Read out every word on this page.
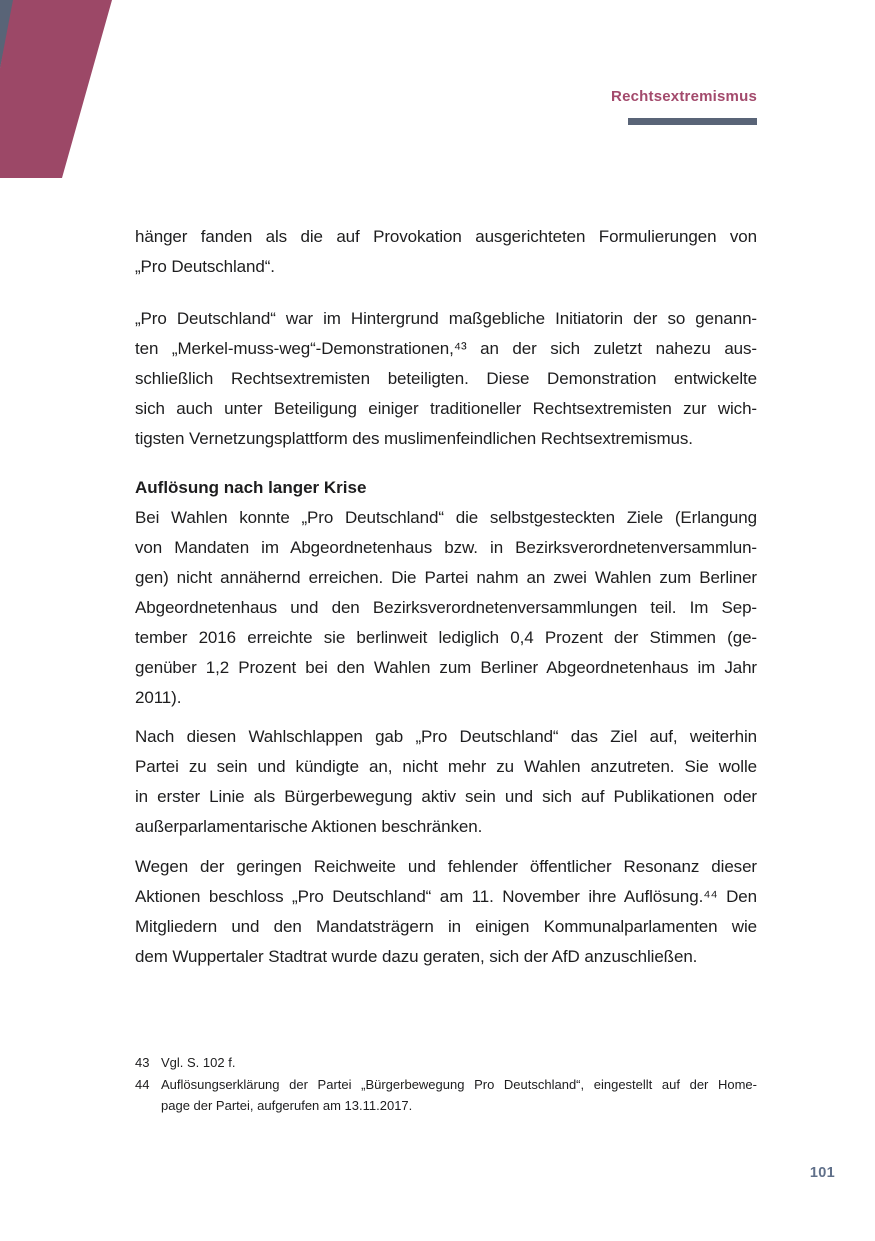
Rechtsextremismus
hänger fanden als die auf Provokation ausgerichteten Formulierungen von
„Pro Deutschland“.
„Pro Deutschland“ war im Hintergrund maßgebliche Initiatorin der so genann-
ten „Merkel-muss-weg“-Demonstrationen,⁴³ an der sich zuletzt nahezu aus-
schließlich Rechtsextremisten beteiligten. Diese Demonstration entwickelte
sich auch unter Beteiligung einiger traditioneller Rechtsextremisten zur wich-
tigsten Vernetzungsplattform des muslimenfeindlichen Rechtsextremismus.
Auflösung nach langer Krise
Bei Wahlen konnte „Pro Deutschland“ die selbstgesteckten Ziele (Erlangung
von Mandaten im Abgeordnetenhaus bzw. in Bezirksverordnetenversammlun-
gen) nicht annähernd erreichen. Die Partei nahm an zwei Wahlen zum Berliner
Abgeordnetenhaus und den Bezirksverordnetenversammlungen teil. Im Sep-
tember 2016 erreichte sie berlinweit lediglich 0,4 Prozent der Stimmen (ge-
genüber 1,2 Prozent bei den Wahlen zum Berliner Abgeordnetenhaus im Jahr
2011).
Nach diesen Wahlschlappen gab „Pro Deutschland“ das Ziel auf, weiterhin
Partei zu sein und kündigte an, nicht mehr zu Wahlen anzutreten. Sie wolle
in erster Linie als Bürgerbewegung aktiv sein und sich auf Publikationen oder
außerparlamentarische Aktionen beschränken.
Wegen der geringen Reichweite und fehlender öffentlicher Resonanz dieser
Aktionen beschloss „Pro Deutschland“ am 11. November ihre Auflösung.⁴⁴ Den
Mitgliedern und den Mandatsträgern in einigen Kommunalparlamenten wie
dem Wuppertaler Stadtrat wurde dazu geraten, sich der AfD anzuschließen.
43 Vgl. S. 102 f.
44 Auflösungserklärung der Partei „Bürgerbewegung Pro Deutschland“, eingestellt auf der Home-
page der Partei, aufgerufen am 13.11.2017.
101
